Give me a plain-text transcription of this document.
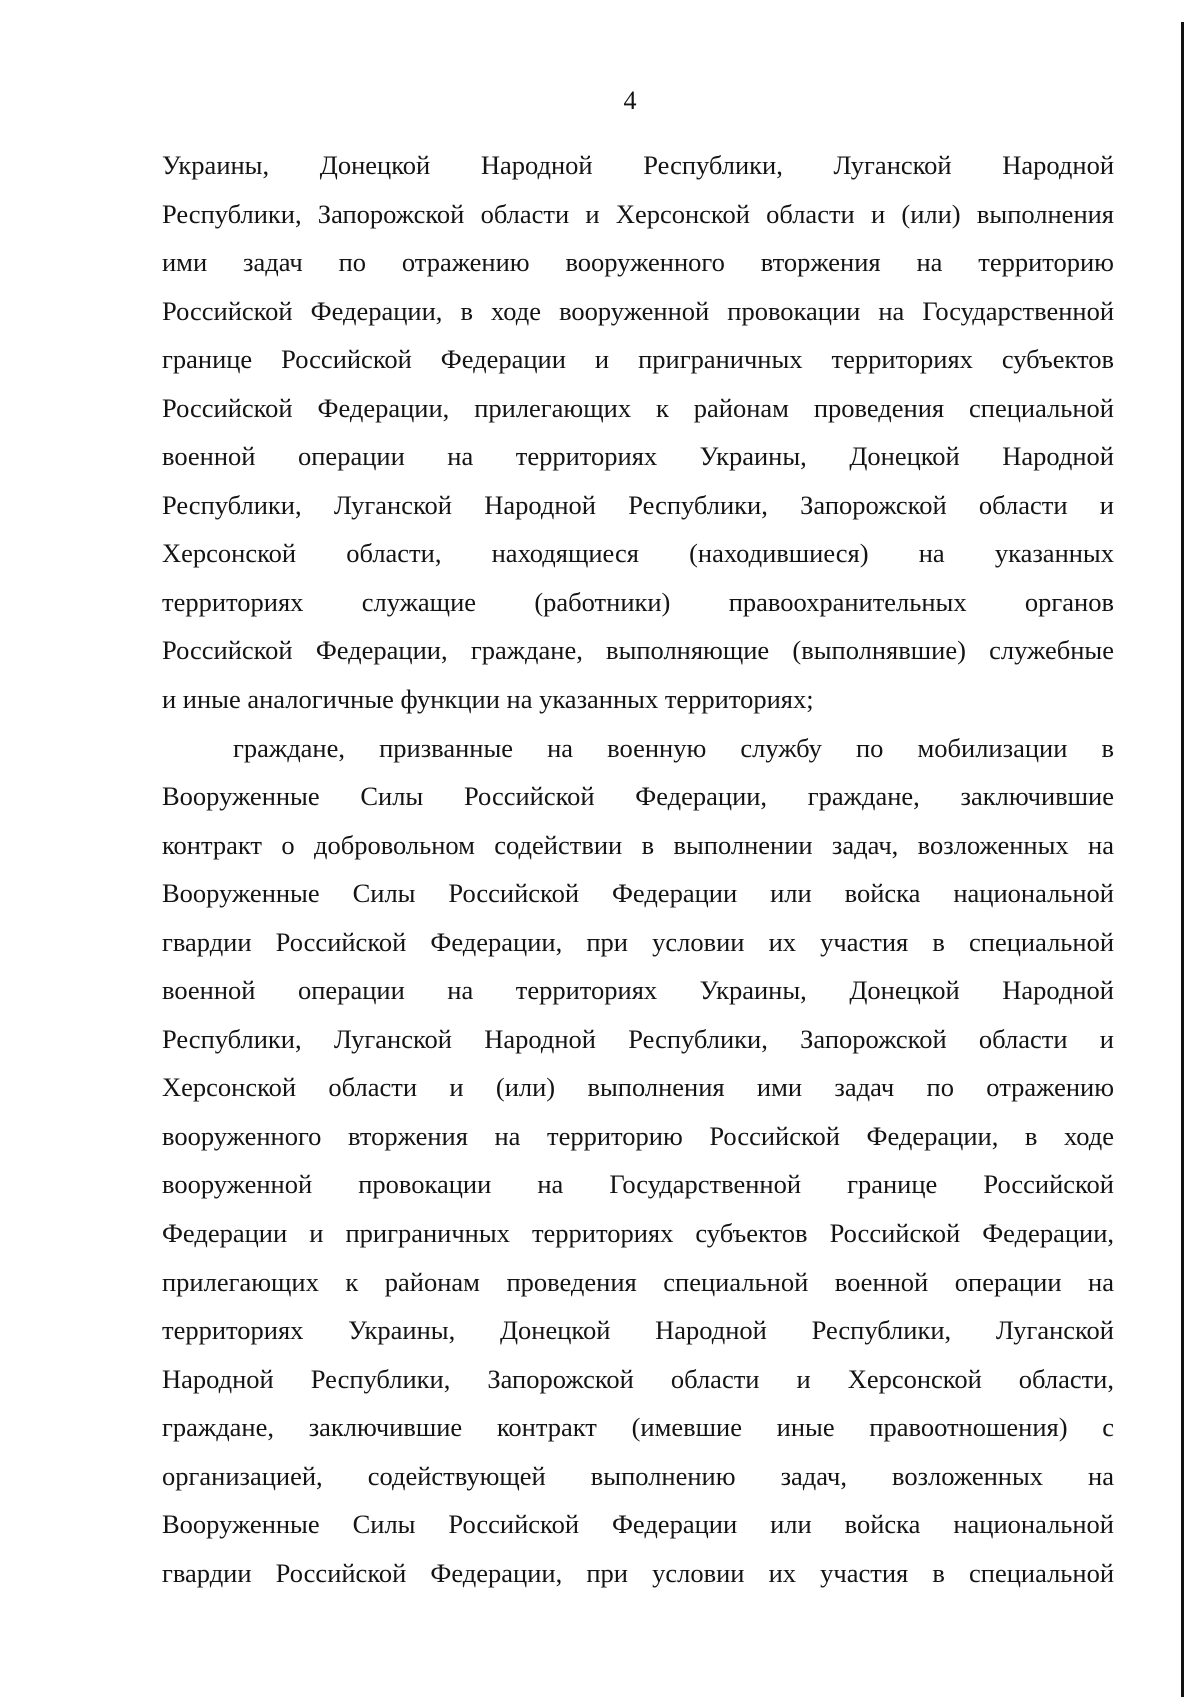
4
Украины, Донецкой Народной Республики, Луганской Народной
Республики, Запорожской области и Херсонской области и (или) выполнения
ими задач по отражению вооруженного вторжения на территорию
Российской Федерации, в ходе вооруженной провокации на Государственной
границе Российской Федерации и приграничных территориях субъектов
Российской Федерации, прилегающих к районам проведения специальной
военной операции на территориях Украины, Донецкой Народной
Республики, Луганской Народной Республики, Запорожской области и
Херсонской области, находящиеся (находившиеся) на указанных
территориях служащие (работники) правоохранительных органов
Российской Федерации, граждане, выполняющие (выполнявшие) служебные
и иные аналогичные функции на указанных территориях;
граждане, призванные на военную службу по мобилизации в
Вооруженные Силы Российской Федерации, граждане, заключившие
контракт о добровольном содействии в выполнении задач, возложенных на
Вооруженные Силы Российской Федерации или войска национальной
гвардии Российской Федерации, при условии их участия в специальной
военной операции на территориях Украины, Донецкой Народной
Республики, Луганской Народной Республики, Запорожской области и
Херсонской области и (или) выполнения ими задач по отражению
вооруженного вторжения на территорию Российской Федерации, в ходе
вооруженной провокации на Государственной границе Российской
Федерации и приграничных территориях субъектов Российской Федерации,
прилегающих к районам проведения специальной военной операции на
территориях Украины, Донецкой Народной Республики, Луганской
Народной Республики, Запорожской области и Херсонской области,
граждане, заключившие контракт (имевшие иные правоотношения) с
организацией, содействующей выполнению задач, возложенных на
Вооруженные Силы Российской Федерации или войска национальной
гвардии Российской Федерации, при условии их участия в специальной
